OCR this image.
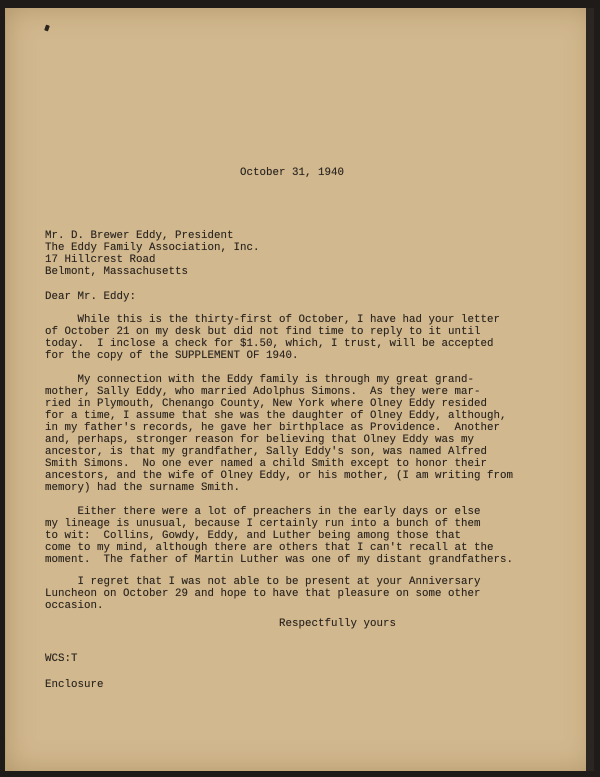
October 31, 1940
Mr. D. Brewer Eddy, President
The Eddy Family Association, Inc.
17 Hillcrest Road
Belmont, Massachusetts
Dear Mr. Eddy:
While this is the thirty-first of October, I have had your letter
of October 21 on my desk but did not find time to reply to it until
today.  I inclose a check for $1.50, which, I trust, will be accepted
for the copy of the SUPPLEMENT OF 1940.
My connection with the Eddy family is through my great grand-
mother, Sally Eddy, who married Adolphus Simons.  As they were mar-
ried in Plymouth, Chenango County, New York where Olney Eddy resided
for a time, I assume that she was the daughter of Olney Eddy, although,
in my father's records, he gave her birthplace as Providence.  Another
and, perhaps, stronger reason for believing that Olney Eddy was my
ancestor, is that my grandfather, Sally Eddy's son, was named Alfred
Smith Simons.  No one ever named a child Smith except to honor their
ancestors, and the wife of Olney Eddy, or his mother, (I am writing from
memory) had the surname Smith.
Either there were a lot of preachers in the early days or else
my lineage is unusual, because I certainly run into a bunch of them
to wit:  Collins, Gowdy, Eddy, and Luther being among those that
come to my mind, although there are others that I can't recall at the
moment.  The father of Martin Luther was one of my distant grandfathers.
I regret that I was not able to be present at your Anniversary
Luncheon on October 29 and hope to have that pleasure on some other
occasion.
Respectfully yours
WCS:T
Enclosure
